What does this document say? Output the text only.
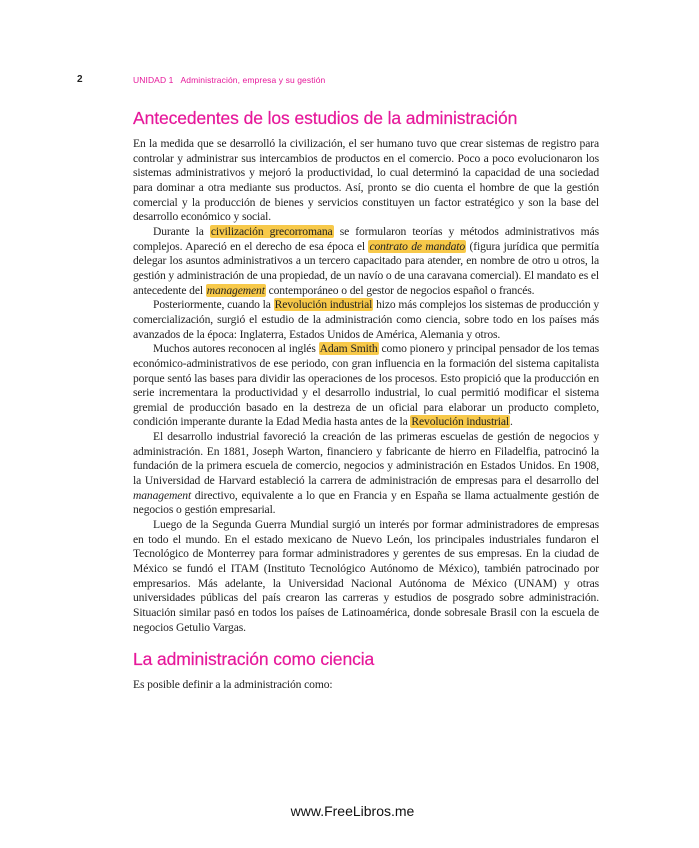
2	UNIDAD 1 Administración, empresa y su gestión
Antecedentes de los estudios de la administración

En la medida que se desarrolló la civilización, el ser humano tuvo que crear sistemas de registro para controlar y administrar sus intercambios de productos en el comercio. Poco a poco evolucionaron los sistemas administrativos y mejoró la productividad, lo cual determinó la capacidad de una sociedad para dominar a otra mediante sus productos. Así, pronto se dio cuenta el hombre de que la gestión comercial y la producción de bienes y servicios constituyen un factor estratégico y son la base del desarrollo económico y social.

Durante la civilización grecorromana se formularon teorías y métodos administrativos más complejos. Apareció en el derecho de esa época el contrato de mandato (figura jurídica que permitía delegar los asuntos administrativos a un tercero capacitado para atender, en nombre de otro u otros, la gestión y administración de una propiedad, de un navío o de una caravana comercial). El mandato es el antecedente del management contemporáneo o del gestor de negocios español o francés.

Posteriormente, cuando la Revolución industrial hizo más complejos los sistemas de producción y comercialización, surgió el estudio de la administración como ciencia, sobre todo en los países más avanzados de la época: Inglaterra, Estados Unidos de América, Alemania y otros.

Muchos autores reconocen al inglés Adam Smith como pionero y principal pensador de los temas económico-administrativos de ese periodo, con gran influencia en la formación del sistema capitalista porque sentó las bases para dividir las operaciones de los procesos. Esto propició que la producción en serie incrementara la productividad y el desarrollo industrial, lo cual permitió modificar el sistema gremial de producción basado en la destreza de un oficial para elaborar un producto completo, condición imperante durante la Edad Media hasta antes de la Revolución industrial.

El desarrollo industrial favoreció la creación de las primeras escuelas de gestión de negocios y administración. En 1881, Joseph Warton, financiero y fabricante de hierro en Filadelfia, patrocinó la fundación de la primera escuela de comercio, negocios y administración en Estados Unidos. En 1908, la Universidad de Harvard estableció la carrera de administración de empresas para el desarrollo del management directivo, equivalente a lo que en Francia y en España se llama actualmente gestión de negocios o gestión empresarial.

Luego de la Segunda Guerra Mundial surgió un interés por formar administradores de empresas en todo el mundo. En el estado mexicano de Nuevo León, los principales industriales fundaron el Tecnológico de Monterrey para formar administradores y gerentes de sus empresas. En la ciudad de México se fundó el ITAM (Instituto Tecnológico Autónomo de México), también patrocinado por empresarios. Más adelante, la Universidad Nacional Autónoma de México (UNAM) y otras universidades públicas del país crearon las carreras y estudios de posgrado sobre administración. Situación similar pasó en todos los países de Latinoamérica, donde sobresale Brasil con la escuela de negocios Getulio Vargas.

La administración como ciencia

Es posible definir a la administración como:

www.FreeLibros.me
